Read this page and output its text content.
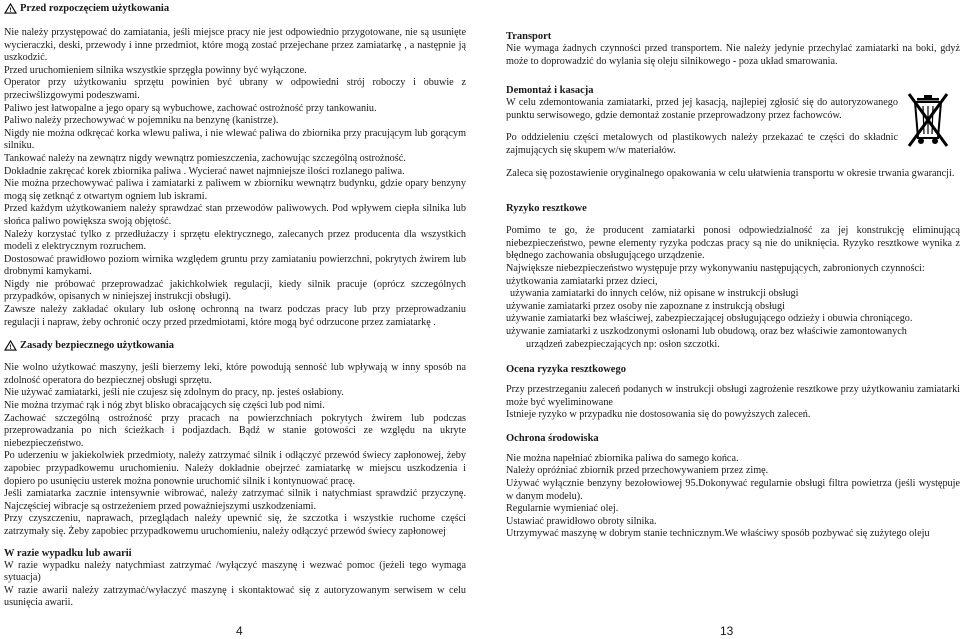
! Przed rozpoczęciem użytkowania

Nie należy przystępować do zamiatania, jeśli miejsce pracy nie jest odpowiednio przygotowane, nie są usunięte wycieraczki, deski, przewody i inne przedmiot, które mogą zostać przejechane przez zamiatarkę , a następnie ją uszkodzić.

Przed uruchomieniem silnika wszystkie sprzęgła powinny być wyłączone.

Operator przy użytkowaniu sprzętu powinien być ubrany w odpowiedni strój roboczy i obuwie z przeciwślizgowymi podeszwami.

Paliwo jest łatwopalne a jego opary są wybuchowe, zachować ostrożność przy tankowaniu.

Paliwo należy przechowywać w pojemniku na benzynę (kanistrze).

Nigdy nie można odkręcać korka wlewu paliwa, i nie wlewać paliwa do zbiornika przy pracującym lub gorącym silniku.

Tankować należy na zewnątrz nigdy wewnątrz pomieszczenia, zachowując szczególną ostrożność.

Dokładnie zakręcać korek zbiornika paliwa . Wycierać nawet najmniejsze ilości rozlanego paliwa.

Nie można przechowywać paliwa i zamiatarki z paliwem w zbiorniku wewnątrz budynku, gdzie opary benzyny mogą się zetknąć z otwartym ogniem lub iskrami.

Przed każdym użytkowaniem należy sprawdzać stan przewodów paliwowych. Pod wpływem ciepła silnika lub słońca paliwo powiększa swoją objętość.

Należy korzystać tylko z przedłużaczy i sprzętu elektrycznego, zalecanych przez producenta dla wszystkich modeli z elektrycznym rozruchem.

Dostosować prawidłowo poziom wirnika względem gruntu przy zamiataniu powierzchni, pokrytych żwirem lub drobnymi kamykami.

Nigdy nie próbować przeprowadzać jakichkolwiek regulacji, kiedy silnik pracuje (oprócz szczególnych przypadków, opisanych w niniejszej instrukcji obsługi).

Zawsze należy zakładać okulary lub osłonę ochronną na twarz podczas pracy lub przy przeprowadzaniu regulacji i napraw, żeby ochronić oczy przed przedmiotami, które mogą być odrzucone przez zamiatarkę .

! Zasady bezpiecznego użytkowania

Nie wolno użytkować maszyny, jeśli bierzemy leki, które powodują senność lub wpływają w inny sposób na zdolność operatora do bezpiecznej obsługi sprzętu.

Nie używać zamiatarki, jeśli nie czujesz się zdolnym do pracy, np. jesteś osłabiony.

Nie można trzymać rąk i nóg zbyt blisko obracających się części lub pod nimi.

Zachować szczególną ostrożność przy pracach na powierzchniach pokrytych żwirem lub podczas przeprowadzania po nich ścieżkach i podjazdach. Bądź w stanie gotowości ze względu na ukryte niebezpieczeństwo.

Po uderzeniu w jakiekolwiek przedmioty, należy zatrzymać silnik i odłączyć przewód świecy zapłonowej, żeby zapobiec przypadkowemu uruchomieniu. Należy dokładnie obejrzeć zamiatarkę w miejscu uszkodzenia i dopiero po usunięciu usterek można ponownie uruchomić silnik i kontynuować pracę.

Jeśli zamiatarka zacznie intensywnie wibrować, należy zatrzymać silnik i natychmiast sprawdzić przyczynę. Najczęściej wibracje są ostrzeżeniem przed poważniejszymi uszkodzeniami.

Przy czyszczeniu, naprawach, przeglądach należy upewnić się, że szczotka i wszystkie ruchome części zatrzymały się. Żeby zapobiec przypadkowemu uruchomieniu, należy odłączyć przewód świecy zapłonowej

W razie wypadku lub awarii

W razie wypadku należy natychmiast zatrzymać /wyłączyć maszynę i wezwać pomoc (jeżeli tego wymaga sytuacja)

W razie awarii należy zatrzymać/wyłaczyć maszynę i skontaktować się z autoryzowanym serwisem w celu usunięcia awarii.

Transport

Nie wymaga żadnych czynności przed transportem. Nie należy jedynie przechylać zamiatarki na boki, gdyż może to doprowadzić do wylania się oleju silnikowego - poza układ smarowania.

Demontaż i kasacja

W celu zdemontowania zamiatarki, przed jej kasacją, najlepiej zgłosić się do autoryzowanego punktu serwisowego, gdzie demontaż zostanie przeprowadzony przez fachowców.

Po oddzieleniu części metalowych od plastikowych należy przekazać te części do składnic zajmujących się skupem w/w materiałów.

Zaleca się pozostawienie oryginalnego opakowania w celu ułatwienia transportu w okresie trwania gwarancji.

Ryzyko resztkowe

Pomimo te go, że producent zamiatarki ponosi odpowiedzialność za jej konstrukcję eliminującą niebezpieczeństwo, pewne elementy ryzyka podczas pracy są nie do uniknięcia. Ryzyko resztkowe wynika z błędnego zachowania obsługującego urządzenie.

Największe niebezpieczeństwo występuje przy wykonywaniu następujących, zabronionych czynności:

użytkowania zamiatarki przez dzieci,

używania zamiatarki do innych celów, niż opisane w instrukcji obsługi

używanie zamiatarki przez osoby nie zapoznane z instrukcją obsługi

używanie zamiatarki bez właściwej, zabezpieczającej obsługującego odzieży i obuwia chroniącego.

używanie zamiatarki z uszkodzonymi osłonami lub obudową, oraz bez właściwie zamontowanych

urządzeń zabezpieczających np: osłon szczotki.

Ocena ryzyka resztkowego

Przy przestrzeganiu zaleceń podanych w instrukcji obsługi zagrożenie resztkowe przy użytkowaniu zamiatarki może być wyeliminowane

Istnieje ryzyko w przypadku nie dostosowania się do powyższych zaleceń.

Ochrona środowiska

Nie można napełniać zbiornika paliwa do samego końca.

Należy opróżniać zbiornik przed przechowywaniem przez zimę.

Używać wyłącznie benzyny bezołowiowej 95.Dokonywać regularnie obsługi filtra powietrza (jeśli występuje w danym modelu).

Regularnie wymieniać olej.

Ustawiać prawidłowo obroty silnika.

Utrzymywać maszynę w dobrym stanie technicznym.We właściwy sposób pozbywać się zużytego oleju

4	13
